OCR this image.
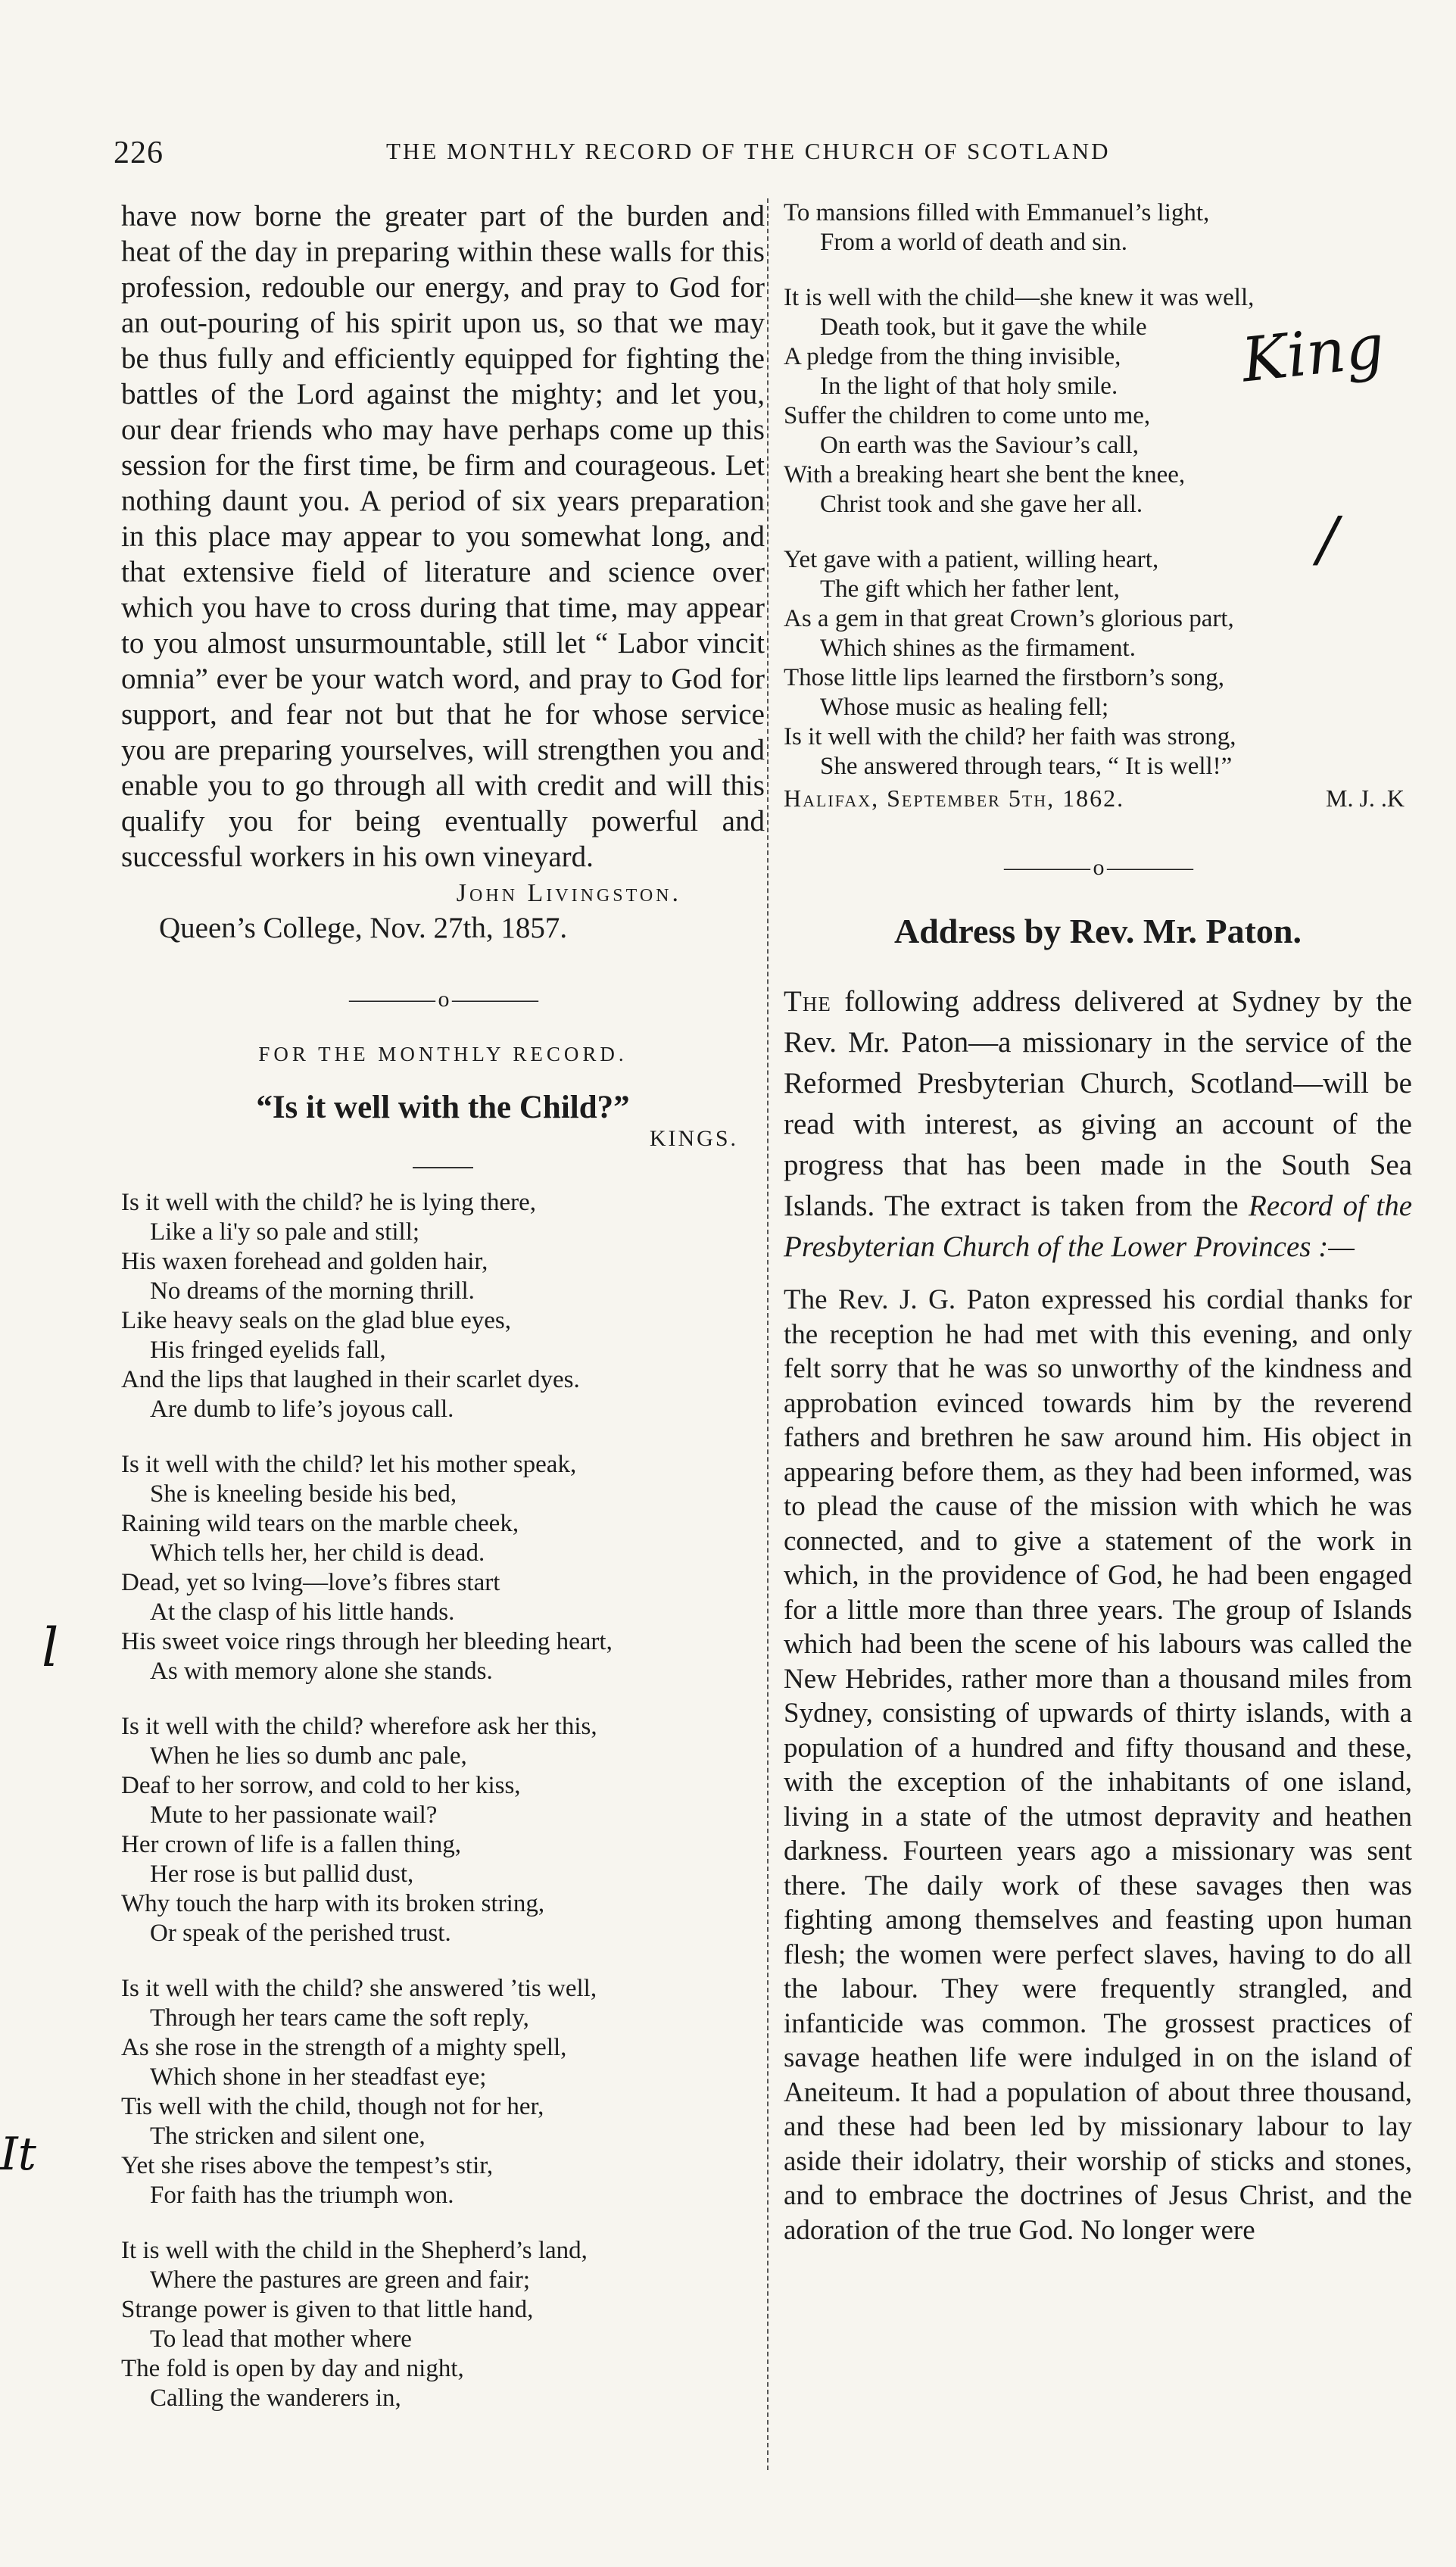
226	THE MONTHLY RECORD OF THE CHURCH OF SCOTLAND

have now borne the greater part of the burden and heat of the day in preparing within these walls for this profession, redouble our energy, and pray to God for an out-pouring of his spirit upon us, so that we may be thus fully and efficiently equipped for fighting the battles of the Lord against the mighty; and let you, our dear friends who may have perhaps come up this session for the first time, be firm and courageous. Let nothing daunt you. A period of six years preparation in this place may appear to you somewhat long, and that extensive field of literature and science over which you have to cross during that time, may appear to you almost unsurmountable, still let “ Labor vincit omnia” ever be your watch word, and pray to God for support, and fear not but that he for whose service you are preparing yourselves, will strengthen you and enable you to go through all with credit and will this qualify you for being eventually powerful and successful workers in his own vineyard.

John Livingston.
Queen’s College, Nov. 27th, 1857.
———— o ————
FOR THE MONTHLY RECORD.
“Is it well with the Child?”
KINGS.
Is it well with the child? he is lying there,
Like a li'y so pale and still;
His waxen forehead and golden hair,
No dreams of the morning thrill.
Like heavy seals on the glad blue eyes,
His fringed eyelids fall,
And the lips that laughed in their scarlet dyes.
Are dumb to life’s joyous call.
Is it well with the child? let his mother speak,
She is kneeling beside his bed,
Raining wild tears on the marble cheek,
Which tells her, her child is dead.
Dead, yet so lving—love’s fibres start
At the clasp of his little hands.
His sweet voice rings through her bleeding heart,
As with memory alone she stands.
Is it well with the child? wherefore ask her this,
When he lies so dumb anc pale,
Deaf to her sorrow, and cold to her kiss,
Mute to her passionate wail?
Her crown of life is a fallen thing,
Her rose is but pallid dust,
Why touch the harp with its broken string,
Or speak of the perished trust.
Is it well with the child? she answered ’tis well,
Through her tears came the soft reply,
As she rose in the strength of a mighty spell,
Which shone in her steadfast eye;
Tis well with the child, though not for her,
The stricken and silent one,
Yet she rises above the tempest’s stir,
For faith has the triumph won.
It is well with the child in the Shepherd’s land,
Where the pastures are green and fair;
Strange power is given to that little hand,
To lead that mother where
The fold is open by day and night,
Calling the wanderers in,
To mansions filled with Emmanuel’s light,
From a world of death and sin.
It is well with the child—she knew it was well,
Death took, but it gave the while
A pledge from the thing invisible,
In the light of that holy smile.
Suffer the children to come unto me,
On earth was the Saviour’s call,
With a breaking heart she bent the knee,
Christ took and she gave her all.
Yet gave with a patient, willing heart,
The gift which her father lent,
As a gem in that great Crown’s glorious part,
Which shines as the firmament.
Those little lips learned the firstborn’s song,
Whose music as healing fell;
Is it well with the child? her faith was strong,
She answered through tears, “ It is well!”
Halifax, September 5th, 1862.	M. J. .K
———— o ————
Address by Rev. Mr. Paton.

The following address delivered at Sydney by the Rev. Mr. Paton—a missionary in the service of the Reformed Presbyterian Church, Scotland—will be read with interest, as giving an account of the progress that has been made in the South Sea Islands. The extract is taken from the Record of the Presbyterian Church of the Lower Provinces :—

The Rev. J. G. Paton expressed his cordial thanks for the reception he had met with this evening, and only felt sorry that he was so unworthy of the kindness and approbation evinced towards him by the reverend fathers and brethren he saw around him. His object in appearing before them, as they had been informed, was to plead the cause of the mission with which he was connected, and to give a statement of the work in which, in the providence of God, he had been engaged for a little more than three years. The group of Islands which had been the scene of his labours was called the New Hebrides, rather more than a thousand miles from Sydney, consisting of upwards of thirty islands, with a population of a hundred and fifty thousand and these, with the exception of the inhabitants of one island, living in a state of the utmost depravity and heathen darkness. Fourteen years ago a missionary was sent there. The daily work of these savages then was fighting among themselves and feasting upon human flesh; the women were perfect slaves, having to do all the labour. They were frequently strangled, and infanticide was common. The grossest practices of savage heathen life were indulged in on the island of Aneiteum. It had a population of about three thousand, and these had been led by missionary labour to lay aside their idolatry, their worship of sticks and stones, and to embrace the doctrines of Jesus Christ, and the adoration of the true God. No longer were

King
/
l
It
